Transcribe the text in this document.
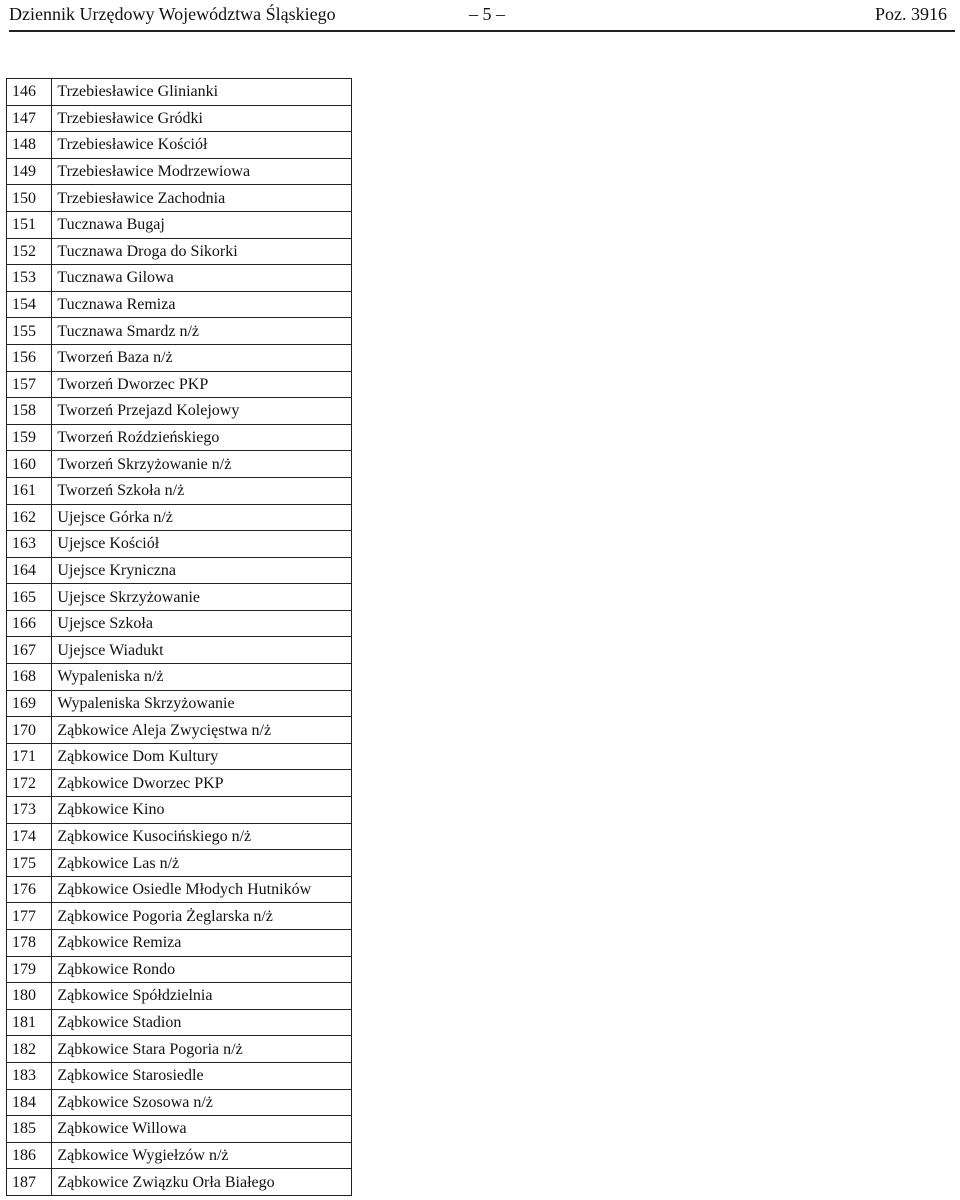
Dziennik Urzędowy Województwa Śląskiego	– 5 –	Poz. 3916
146	Trzebiesławice Glinianki
147	Trzebiesławice Gródki
148	Trzebiesławice Kościół
149	Trzebiesławice Modrzewiowa
150	Trzebiesławice Zachodnia
151	Tucznawa Bugaj
152	Tucznawa Droga do Sikorki
153	Tucznawa Gilowa
154	Tucznawa Remiza
155	Tucznawa Smardz n/ż
156	Tworzeń Baza n/ż
157	Tworzeń Dworzec PKP
158	Tworzeń Przejazd Kolejowy
159	Tworzeń Roździeńskiego
160	Tworzeń Skrzyżowanie n/ż
161	Tworzeń Szkoła n/ż
162	Ujejsce Górka n/ż
163	Ujejsce Kościół
164	Ujejsce Kryniczna
165	Ujejsce Skrzyżowanie
166	Ujejsce Szkoła
167	Ujejsce Wiadukt
168	Wypaleniska n/ż
169	Wypaleniska Skrzyżowanie
170	Ząbkowice Aleja Zwycięstwa n/ż
171	Ząbkowice Dom Kultury
172	Ząbkowice Dworzec PKP
173	Ząbkowice Kino
174	Ząbkowice Kusocińskiego n/ż
175	Ząbkowice Las n/ż
176	Ząbkowice Osiedle Młodych Hutników
177	Ząbkowice Pogoria Żeglarska n/ż
178	Ząbkowice Remiza
179	Ząbkowice Rondo
180	Ząbkowice Spółdzielnia
181	Ząbkowice Stadion
182	Ząbkowice Stara Pogoria n/ż
183	Ząbkowice Starosiedle
184	Ząbkowice Szosowa n/ż
185	Ząbkowice Willowa
186	Ząbkowice Wygiełzów n/ż
187	Ząbkowice Związku Orła Białego
